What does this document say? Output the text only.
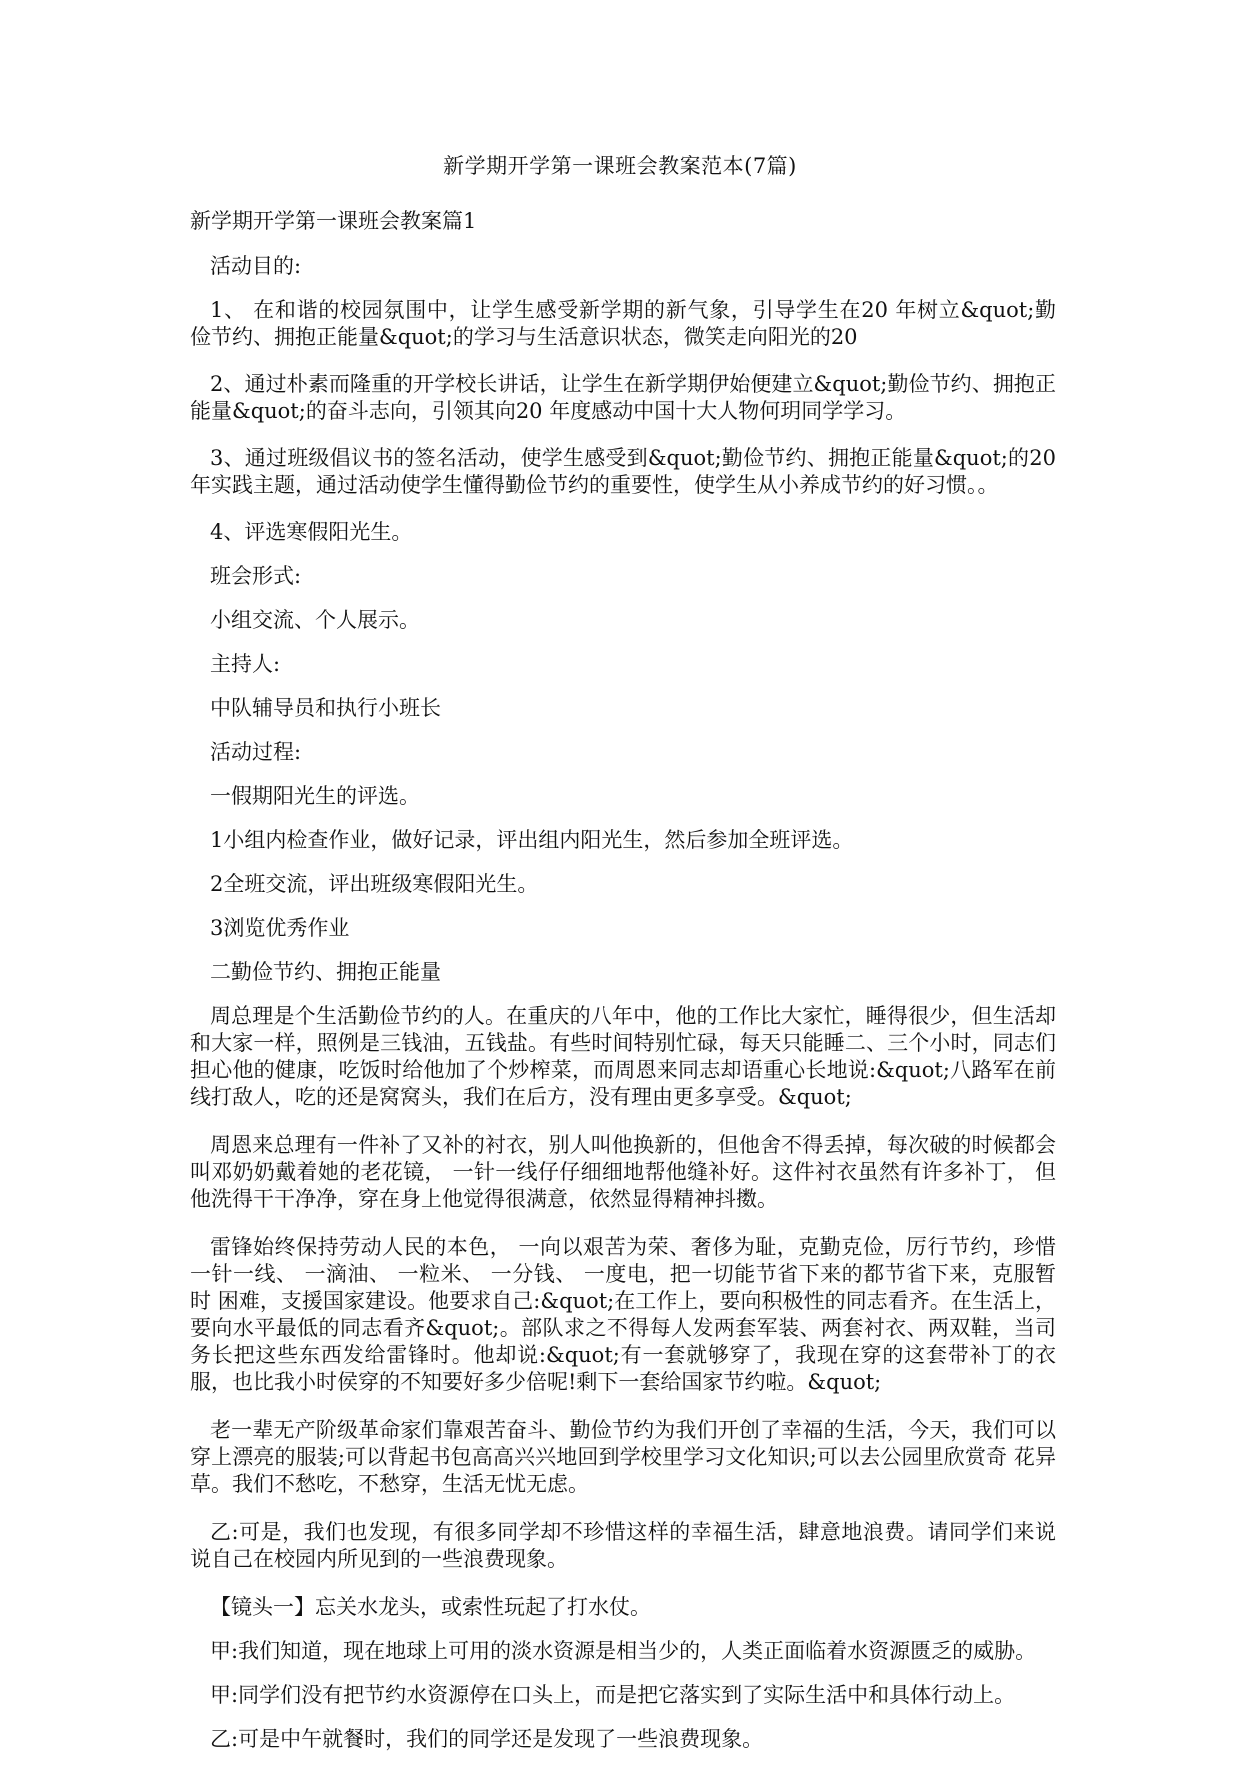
新学期开学第一课班会教案范本(7篇)
新学期开学第一课班会教案篇1

活动目的:

1、 在和谐的校园氛围中，让学生感受新学期的新气象，引导学生在20 年树立&quot;勤 俭节约、拥抱正能量&quot;的学习与生活意识状态，微笑走向阳光的20

2、通过朴素而隆重的开学校长讲话，让学生在新学期伊始便建立&quot;勤俭节约、拥抱正能量&quot;的奋斗志向，引领其向20 年度感动中国十大人物何玥同学学习。

3、通过班级倡议书的签名活动，使学生感受到&quot;勤俭节约、拥抱正能量&quot;的20 年实践主题，通过活动使学生懂得勤俭节约的重要性，使学生从小养成节约的好习惯。。

4、评选寒假阳光生。

班会形式:

小组交流、个人展示。

主持人:

中队辅导员和执行小班长

活动过程:

一假期阳光生的评选。

1小组内检查作业，做好记录，评出组内阳光生，然后参加全班评选。

2全班交流，评出班级寒假阳光生。

3浏览优秀作业

二勤俭节约、拥抱正能量

周总理是个生活勤俭节约的人。在重庆的八年中，他的工作比大家忙，睡得很少，但生活却和大家一样，照例是三钱油，五钱盐。有些时间特别忙碌，每天只能睡二、三个小时，同志们担心他的健康，吃饭时给他加了个炒榨菜，而周恩来同志却语重心长地说:&quot;八路军在前线打敌人，吃的还是窝窝头，我们在后方，没有理由更多享受。&quot;

周恩来总理有一件补了又补的衬衣，别人叫他换新的，但他舍不得丢掉，每次破的时候都会叫邓奶奶戴着她的老花镜， 一针一线仔仔细细地帮他缝补好。这件衬衣虽然有许多补丁， 但他洗得干干净净，穿在身上他觉得很满意，依然显得精神抖擞。

雷锋始终保持劳动人民的本色， 一向以艰苦为荣、奢侈为耻，克勤克俭，厉行节约，珍惜一针一线、 一滴油、 一粒米、 一分钱、 一度电，把一切能节省下来的都节省下来，克服暂时 困难，支援国家建设。他要求自己:&quot;在工作上，要向积极性的同志看齐。在生活上， 要向水平最低的同志看齐&quot;。部队求之不得每人发两套军装、两套衬衣、两双鞋，当司 务长把这些东西发给雷锋时。他却说:&quot;有一套就够穿了，我现在穿的这套带补丁的衣 服，也比我小时侯穿的不知要好多少倍呢!剩下一套给国家节约啦。&quot;

老一辈无产阶级革命家们靠艰苦奋斗、勤俭节约为我们开创了幸福的生活，今天，我们可以穿上漂亮的服装;可以背起书包高高兴兴地回到学校里学习文化知识;可以去公园里欣赏奇 花异草。我们不愁吃，不愁穿，生活无忧无虑。

乙:可是，我们也发现，有很多同学却不珍惜这样的幸福生活，肆意地浪费。请同学们来说说自己在校园内所见到的一些浪费现象。

【镜头一】忘关水龙头，或索性玩起了打水仗。

甲:我们知道，现在地球上可用的淡水资源是相当少的，人类正面临着水资源匮乏的威胁。

甲:同学们没有把节约水资源停在口头上，而是把它落实到了实际生活中和具体行动上。

乙:可是中午就餐时，我们的同学还是发现了一些浪费现象。
